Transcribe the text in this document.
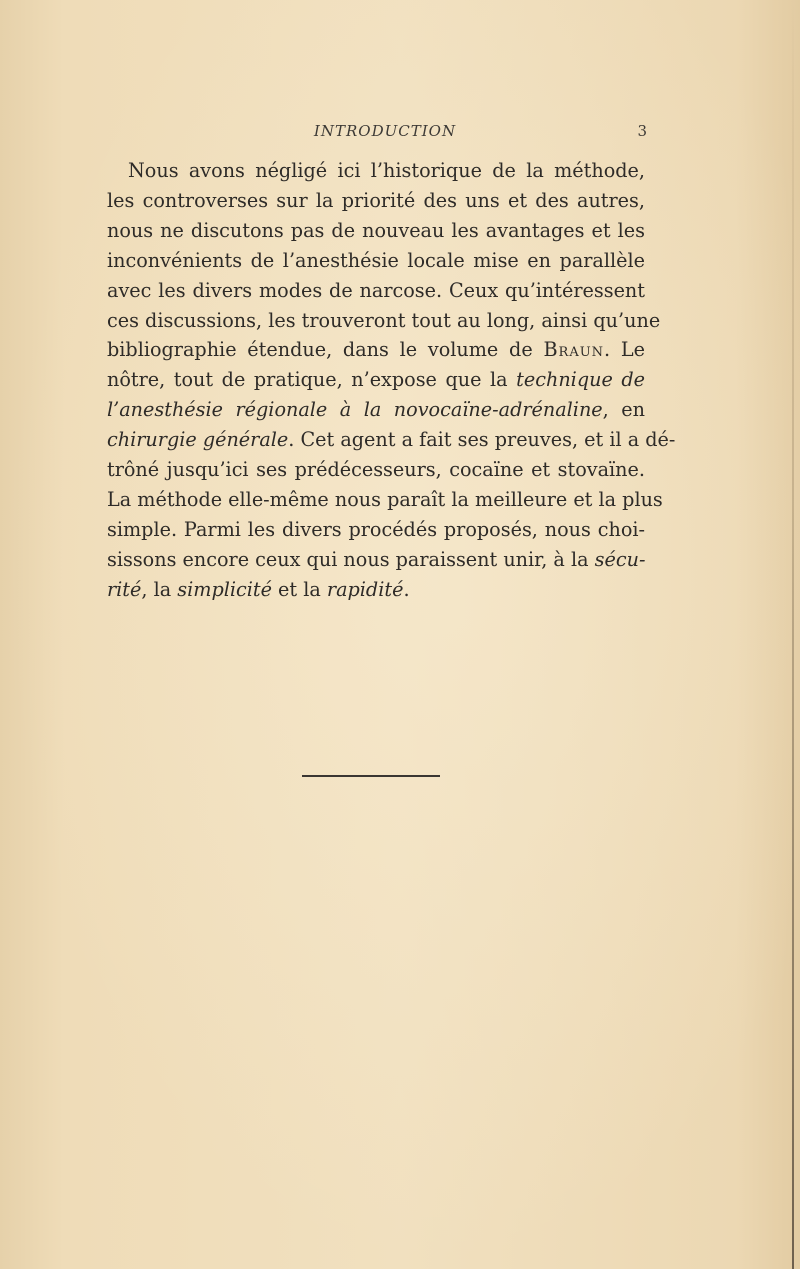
INTRODUCTION	3

Nous avons négligé ici l’historique de la méthode,
les controverses sur la priorité des uns et des autres,
nous ne discutons pas de nouveau les avantages et les
inconvénients de l’anesthésie locale mise en parallèle
avec les divers modes de narcose. Ceux qu’intéressent
ces discussions, les trouveront tout au long, ainsi qu’une
bibliographie étendue, dans le volume de Braun. Le
nôtre, tout de pratique, n’expose que la technique de
l’anesthésie régionale à la novocaïne-adrénaline, en
chirurgie générale. Cet agent a fait ses preuves, et il a dé-
trôné jusqu’ici ses prédécesseurs, cocaïne et stovaïne.
La méthode elle-même nous paraît la meilleure et la plus
simple. Parmi les divers procédés proposés, nous choi-
sissons encore ceux qui nous paraissent unir, à la sécu-
rité, la simplicité et la rapidité.
